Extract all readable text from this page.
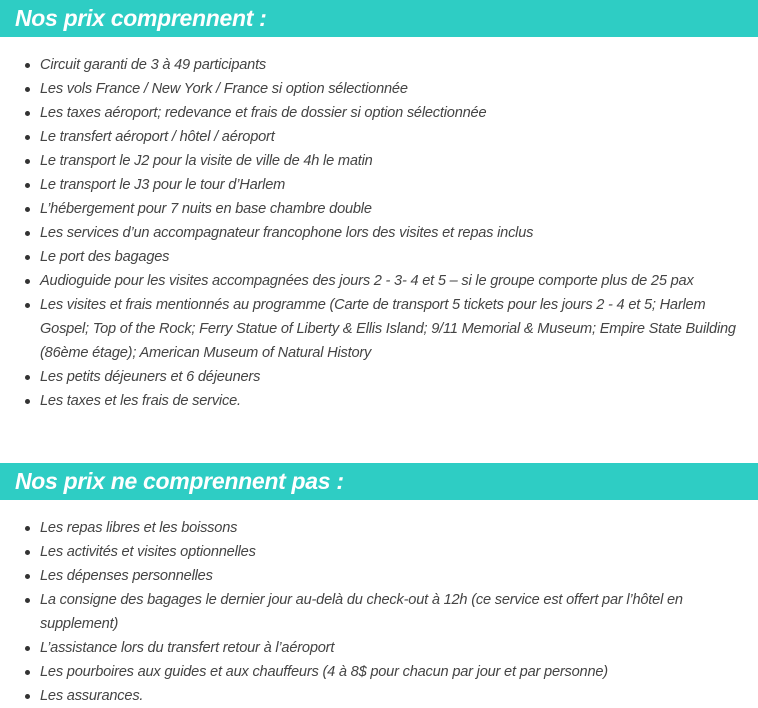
Nos prix comprennent :
Circuit garanti de 3 à 49 participants
Les vols France / New York / France si option sélectionnée
Les taxes aéroport; redevance et frais de dossier si option sélectionnée
Le transfert aéroport / hôtel / aéroport
Le transport le J2 pour la visite de ville de 4h le matin
Le transport le J3 pour le tour d’Harlem
L’hébergement pour 7 nuits en base chambre double
Les services d’un accompagnateur francophone lors des visites et repas inclus
Le port des bagages
Audioguide pour les visites accompagnées des jours 2 - 3- 4 et 5 – si le groupe comporte plus de 25 pax
Les visites et frais mentionnés au programme (Carte de transport 5 tickets pour les jours 2 - 4 et 5; Harlem Gospel; Top of the Rock; Ferry Statue of Liberty & Ellis Island; 9/11 Memorial & Museum; Empire State Building (86ème étage); American Museum of Natural History
Les petits déjeuners et 6 déjeuners
Les taxes et les frais de service.
Nos prix ne comprennent pas :
Les repas libres et les boissons
Les activités et visites optionnelles
Les dépenses personnelles
La consigne des bagages le dernier jour au-delà du check-out à 12h (ce service est offert par l’hôtel en supplement)
L’assistance lors du transfert retour à l’aéroport
Les pourboires aux guides et aux chauffeurs (4 à 8$ pour chacun par jour et par personne)
Les assurances.
